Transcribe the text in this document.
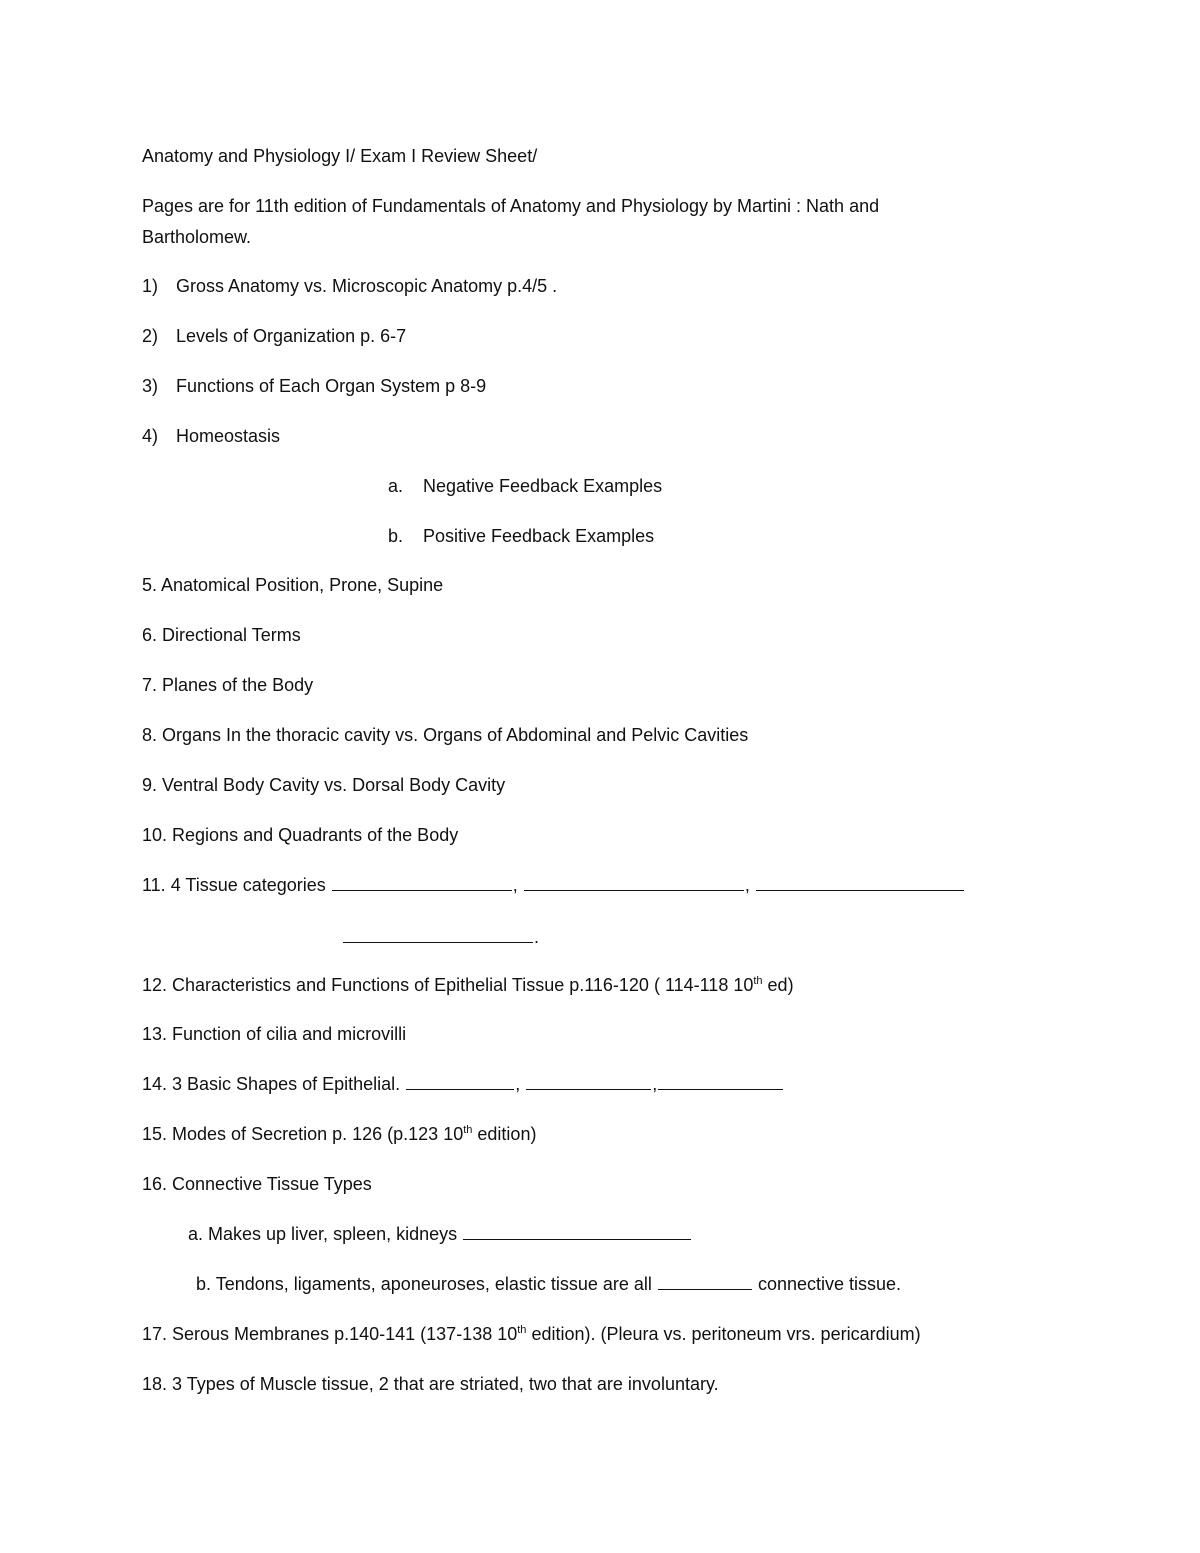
Anatomy and Physiology I/ Exam I Review Sheet/
Pages are for 11th edition of Fundamentals of Anatomy and Physiology by Martini : Nath and
Bartholomew.
1) Gross Anatomy vs. Microscopic Anatomy p.4/5 .
2) Levels of Organization p. 6-7
3) Functions of Each Organ System p 8-9
4) Homeostasis
a. Negative Feedback Examples
b. Positive Feedback Examples
5. Anatomical Position, Prone, Supine
6. Directional Terms
7. Planes of the Body
8. Organs In the thoracic cavity vs. Organs of Abdominal and Pelvic Cavities
9. Ventral Body Cavity vs. Dorsal Body Cavity
10. Regions and Quadrants of the Body
11. 4 Tissue categories	,	,
.
12. Characteristics and Functions of Epithelial Tissue p.116-120 ( 114-118 10th ed)
13. Function of cilia and microvilli
14. 3 Basic Shapes of Epithelial.	,	,
15. Modes of Secretion p. 126 (p.123 10th edition)
16. Connective Tissue Types
a. Makes up liver, spleen, kidneys
b. Tendons, ligaments, aponeuroses, elastic tissue are all	connective tissue.
17. Serous Membranes p.140-141 (137-138 10th edition). (Pleura vs. peritoneum vrs. pericardium)
18. 3 Types of Muscle tissue, 2 that are striated, two that are involuntary.
